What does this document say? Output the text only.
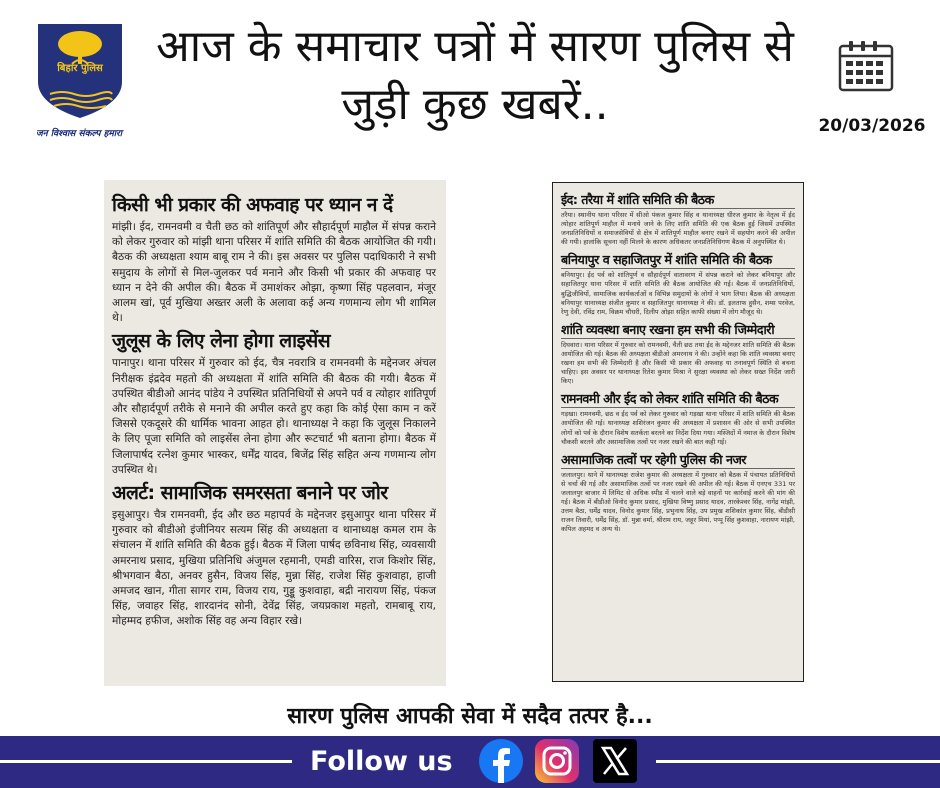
बिहार पुलिस
जन विश्वास संकल्प हमारा
आज के समाचार पत्रों में सारण पुलिस से जुड़ी कुछ खबरें..	20/03/2026
किसी भी प्रकार की अफवाह पर ध्यान न दें
मांझी। ईद, रामनवमी व चैती छठ को शांतिपूर्ण और सौहार्दपूर्ण माहौल में संपन्न कराने को लेकर गुरुवार को मांझी थाना परिसर में शांति समिति की बैठक आयोजित की गयी। बैठक की अध्यक्षता श्याम बाबू राम ने की। इस अवसर पर पुलिस पदाधिकारी ने सभी समुदाय के लोगों से मिल-जुलकर पर्व मनाने और किसी भी प्रकार की अफवाह पर ध्यान न देने की अपील की। बैठक में उमाशंकर ओझा, कृष्णा सिंह पहलवान, मंजूर आलम खां, पूर्व मुखिया अख्तर अली के अलावा कई अन्य गणमान्य लोग भी शामिल थे।
जुलूस के लिए लेना होगा लाइसेंस
पानापुर। थाना परिसर में गुरुवार को ईद, चैत्र नवरात्रि व रामनवमी के मद्देनजर अंचल निरीक्षक इंद्रदेव महतो की अध्यक्षता में शांति समिति की बैठक की गयी। बैठक में उपस्थित बीडीओ आनंद पांडेय ने उपस्थित प्रतिनिधियों से अपने पर्व व त्योहार शांतिपूर्ण और सौहार्दपूर्ण तरीके से मनाने की अपील करते हुए कहा कि कोई ऐसा काम न करें जिससे एकदूसरे की धार्मिक भावना आहत हो। थानाध्यक्ष ने कहा कि जुलूस निकालने के लिए पूजा समिति को लाइसेंस लेना होगा और रूटचार्ट भी बताना होगा। बैठक में जिलापार्षद रत्नेश कुमार भास्कर, धर्मेंद्र यादव, बिजेंद्र सिंह सहित अन्य गणमान्य लोग उपस्थित थे।
अलर्ट: सामाजिक समरसता बनाने पर जोर
इसुआपुर। चैत्र रामनवमी, ईद और छठ महापर्व के मद्देनजर इसुआपुर थाना परिसर में गुरुवार को बीडीओ इंजीनियर सत्यम सिंह की अध्यक्षता व थानाध्यक्ष कमल राम के संचालन में शांति समिति की बैठक हुई। बैठक में जिला पार्षद छविनाथ सिंह, व्यवसायी अमरनाथ प्रसाद, मुखिया प्रतिनिधि अंजुमल रहमानी, एमडी वारिस, राज किशोर सिंह, श्रीभगवान बैठा, अनवर हुसैन, विजय सिंह, मुन्ना सिंह, राजेश सिंह कुशवाहा, हाजी अमजद खान, गीता सागर राम, विजय राय, गुड्डू कुशवाहा, बद्री नारायण सिंह, पंकज सिंह, जवाहर सिंह, शारदानंद सोनी, देवेंद्र सिंह, जयप्रकाश महतो, रामबाबू राय, मोहम्मद हफीज, अशोक सिंह वह अन्य विहार रखे।
ईद: तरैया में शांति समिति की बैठक
तरैया। स्थानीय थाना परिसर में सीओ पंकज कुमार सिंह व थानाध्यक्ष धीरज कुमार के नेतृत्व में ईद त्योहार शांतिपूर्ण माहौल में मनाये जाने के लिए शांति समिति की एक बैठक हुई जिसमें उपस्थित जनप्रतिनिधियों व समाजसेवियों से क्षेत्र में शांतिपूर्ण माहौल बनाए रखने में सहयोग करने की अपील की गयी। हालांकि सूचना नहीं मिलने के कारण अधिकतर जनप्रतिनिधिगण बैठक में अनुपस्थित थे।
बनियापुर व सहाजितपुर में शांति समिति की बैठक
बनियापुर। ईद पर्व को शांतिपूर्ण व सौहार्दपूर्ण वातावरण में संपन्न कराने को लेकर बनियापुर और सहाजितपुर थाना परिसर में शांति समिति की बैठक आयोजित की गई। बैठक में जनप्रतिनिधियों, बुद्धिजीवियों, सामाजिक कार्यकर्ताओं व विभिन्न समुदायों के लोगों ने भाग लिया। बैठक की अध्यक्षता बनियापुर थानाध्यक्ष संजीत कुमार व सहाजितपुर थानाध्यक्ष ने की। डॉ. इलताफ हुसैन, शम्स परवेज, रेणु देवी, रविंद्र राम, विक्रम चौधरी, दिलीप ओझा सहित काफी संख्या में लोग मौजूद थे।
शांति व्यवस्था बनाए रखना हम सभी की जिम्मेदारी
दिघवारा। थाना परिसर में गुरुवार को रामनवमी, चैती छठ तथा ईद के मद्देनजर शांति समिति की बैठक आयोजित की गई। बैठक की अध्यक्षता बीडीओ अमरनाथ ने की। उन्होंने कहा कि शांति व्यवस्था बनाए रखना हम सभी की जिम्मेदारी है और किसी भी प्रकार की अफवाह या तनावपूर्ण स्थिति से बचना चाहिए। इस अवसर पर थानाध्यक्ष रितेश कुमार मिश्रा ने सुरक्षा व्यवस्था को लेकर सख्त निर्देश जारी किए।
रामनवमी और ईद को लेकर शांति समिति की बैठक
गड़खा। रामनवमी, छठ व ईद पर्व को लेकर गुरुवार को गड़खा थाना परिसर में शांति समिति की बैठक आयोजित की गई। थानाध्यक्ष शशिरंजन कुमार की अध्यक्षता में प्रशासन की ओर से सभी उपस्थित लोगों को पर्व के दौरान विशेष सतर्कता बरतने का निर्देश दिया गया। मस्जिदों में नमाज के दौरान विशेष चौकसी बरतने और असामाजिक तत्वों पर नजर रखने की बात कही गई।
असामाजिक तत्वों पर रहेगी पुलिस की नजर
जलालपुर। थाने में थानाध्यक्ष राजेश कुमार की अध्यक्षता में गुरुवार को बैठक में पंचायत प्रतिनिधियों से चर्चा की गई और असामाजिक तत्वों पर नजर रखने की अपील की गई। बैठक में एनएच 331 पर जलालपुर बाजार में लिमिट से अधिक स्पीड में चलने वाले बड़े वाहनों पर कार्रवाई करने की मांग की गई। बैठक में बीडीओ विनोद कुमार प्रसाद, मुखिया विष्णु प्रसाद यादव, तारकेश्वर सिंह, नागेंद्र मांझी, उत्तम बैठा, धर्मेंद्र यादव, विनोद कुमार सिंह, प्रभुनाथ सिंह, उप प्रमुख शशिकांत कुमार सिंह, बीडीसी राजन तिवारी, धर्मेंद्र सिंह, डॉ. मुन्ना वर्मा, श्रीराम राय, जहूर मियां, पप्पू सिंह कुशवाहा, नारायण मांझी, कपिल अहमद व अन्य थे।
सारण पुलिस आपकी सेवा में सदैव तत्पर है...
Follow us
